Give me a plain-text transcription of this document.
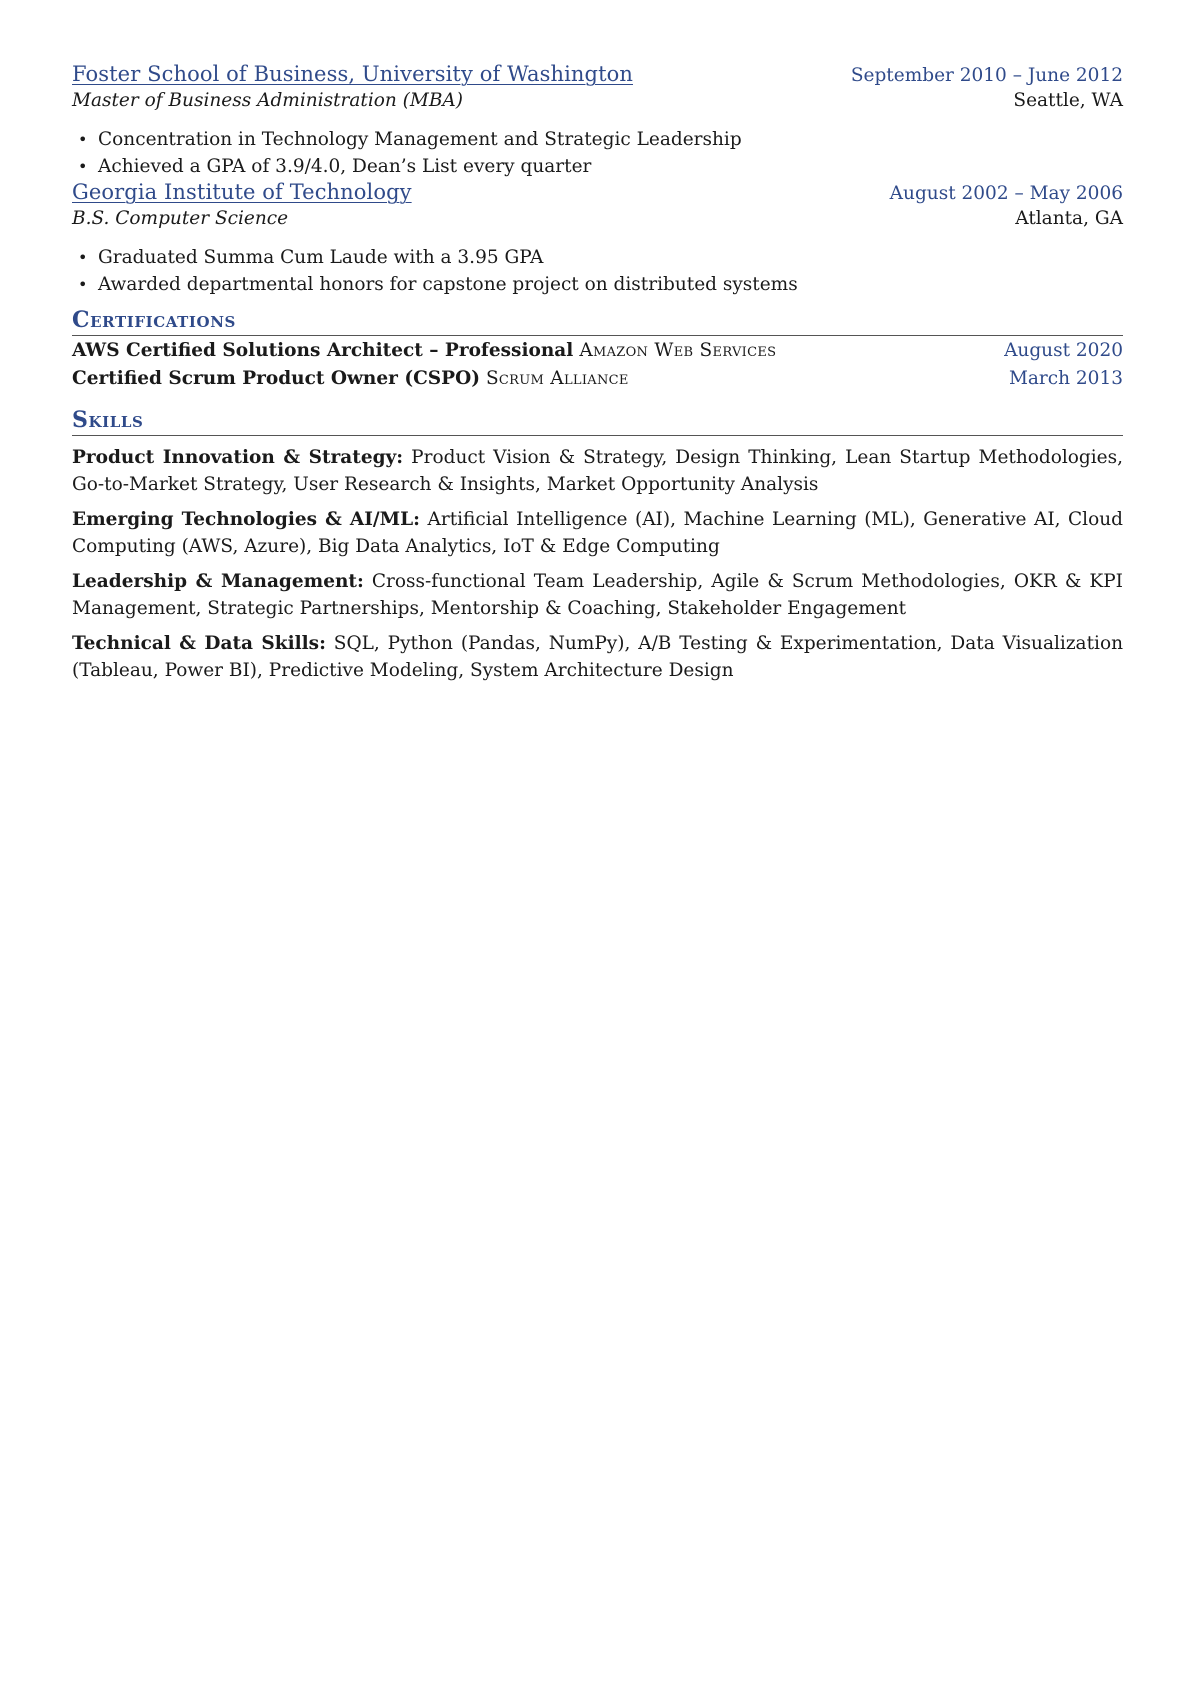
Foster School of Business, University of Washington	September 2010 – June 2012
Master of Business Administration (MBA)	Seattle, WA
• Concentration in Technology Management and Strategic Leadership
• Achieved a GPA of 3.9/4.0, Dean’s List every quarter
Georgia Institute of Technology	August 2002 – May 2006
B.S. Computer Science	Atlanta, GA
• Graduated Summa Cum Laude with a 3.95 GPA
• Awarded departmental honors for capstone project on distributed systems
Certifications
AWS Certified Solutions Architect – Professional Amazon Web Services	August 2020
Certified Scrum Product Owner (CSPO) Scrum Alliance	March 2013
Skills

Product Innovation & Strategy: Product Vision & Strategy, Design Thinking, Lean Startup Methodologies, Go-to-Market Strategy, User Research & Insights, Market Opportunity Analysis

Emerging Technologies & AI/ML: Artificial Intelligence (AI), Machine Learning (ML), Generative AI, Cloud Computing (AWS, Azure), Big Data Analytics, IoT & Edge Computing

Leadership & Management: Cross-functional Team Leadership, Agile & Scrum Methodologies, OKR & KPI Management, Strategic Partnerships, Mentorship & Coaching, Stakeholder Engagement

Technical & Data Skills: SQL, Python (Pandas, NumPy), A/B Testing & Experimentation, Data Visualization (Tableau, Power BI), Predictive Modeling, System Architecture Design
